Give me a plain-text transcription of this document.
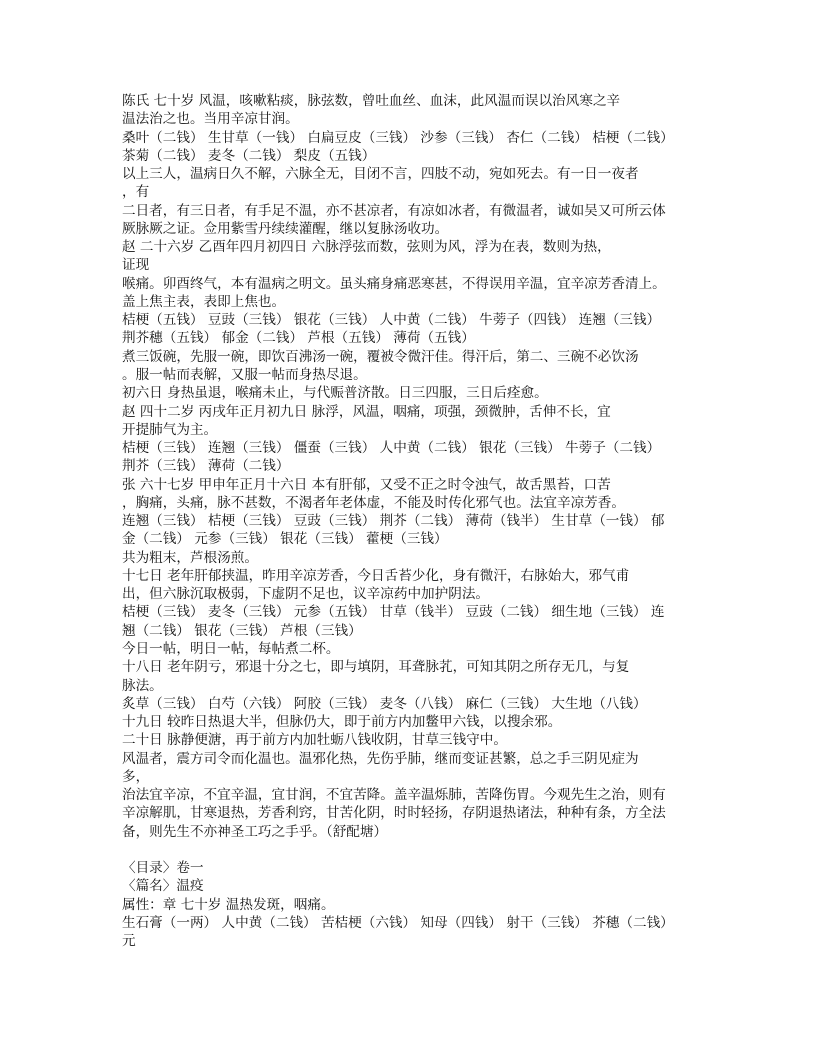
陈氏 七十岁 风温，咳嗽粘痰，脉弦数，曾吐血丝、血沫，此风温而误以治风寒之辛
温法治之也。当用辛凉甘润。
桑叶（二钱） 生甘草（一钱） 白扁豆皮（三钱） 沙参（三钱） 杏仁（二钱） 桔梗（二钱）
茶菊（二钱） 麦冬（二钱） 梨皮（五钱）
以上三人，温病日久不解，六脉全无，目闭不言，四肢不动，宛如死去。有一日一夜者
，有
二日者，有三日者，有手足不温，亦不甚凉者，有凉如冰者，有微温者，诚如吴又可所云体
厥脉厥之证。佥用紫雪丹续续灌醒，继以复脉汤收功。
赵 二十六岁 乙酉年四月初四日 六脉浮弦而数，弦则为风，浮为在表，数则为热，
证现
喉痛。卯酉终气，本有温病之明文。虽头痛身痛恶寒甚，不得误用辛温，宜辛凉芳香清上。
盖上焦主表，表即上焦也。
桔梗（五钱） 豆豉（三钱） 银花（三钱） 人中黄（二钱） 牛蒡子（四钱） 连翘（三钱）
荆芥穗（五钱） 郁金（二钱） 芦根（五钱） 薄荷（五钱）
煮三饭碗，先服一碗，即饮百沸汤一碗，覆被令微汗佳。得汗后，第二、三碗不必饮汤
。服一帖而表解，又服一帖而身热尽退。
初六日 身热虽退，喉痛未止，与代赈普济散。日三四服，三日后痊愈。
赵 四十二岁 丙戌年正月初九日 脉浮，风温，咽痛，项强，颈微肿，舌伸不长，宜
开提肺气为主。
桔梗（三钱） 连翘（三钱） 僵蚕（三钱） 人中黄（二钱） 银花（三钱） 牛蒡子（二钱）
荆芥（三钱） 薄荷（二钱）
张 六十七岁 甲申年正月十六日 本有肝郁，又受不正之时令浊气，故舌黑苔，口苦
，胸痛，头痛，脉不甚数，不渴者年老体虚，不能及时传化邪气也。法宜辛凉芳香。
连翘（三钱） 桔梗（三钱） 豆豉（三钱） 荆芥（二钱） 薄荷（钱半） 生甘草（一钱） 郁
金（二钱） 元参（三钱） 银花（三钱） 藿梗（三钱）
共为粗末，芦根汤煎。
十七日 老年肝郁挟温，昨用辛凉芳香，今日舌苔少化，身有微汗，右脉始大，邪气甫
出，但六脉沉取极弱，下虚阴不足也，议辛凉药中加护阴法。
桔梗（三钱） 麦冬（三钱） 元参（五钱） 甘草（钱半） 豆豉（二钱） 细生地（三钱） 连
翘（二钱） 银花（三钱） 芦根（三钱）
今日一帖，明日一帖，每帖煮二杯。
十八日 老年阴亏，邪退十分之七，即与填阴，耳聋脉芤，可知其阴之所存无几，与复
脉法。
炙草（三钱） 白芍（六钱） 阿胶（三钱） 麦冬（八钱） 麻仁（三钱） 大生地（八钱）
十九日 较昨日热退大半，但脉仍大，即于前方内加鳖甲六钱，以搜余邪。
二十日 脉静便溏，再于前方内加牡蛎八钱收阴，甘草三钱守中。
风温者，震方司令而化温也。温邪化热，先伤乎肺，继而变证甚繁，总之手三阴见症为
多，
治法宜辛凉，不宜辛温，宜甘润，不宜苦降。盖辛温烁肺，苦降伤胃。今观先生之治，则有
辛凉解肌，甘寒退热，芳香利窍，甘苦化阴，时时轻扬，存阴退热诸法，种种有条，方全法
备，则先生不亦神圣工巧之手乎。（舒配塘）
〈目录〉卷一
〈篇名〉温疫
属性：章 七十岁 温热发斑，咽痛。
生石膏（一两） 人中黄（二钱） 苦桔梗（六钱） 知母（四钱） 射干（三钱） 芥穗（二钱）
元
